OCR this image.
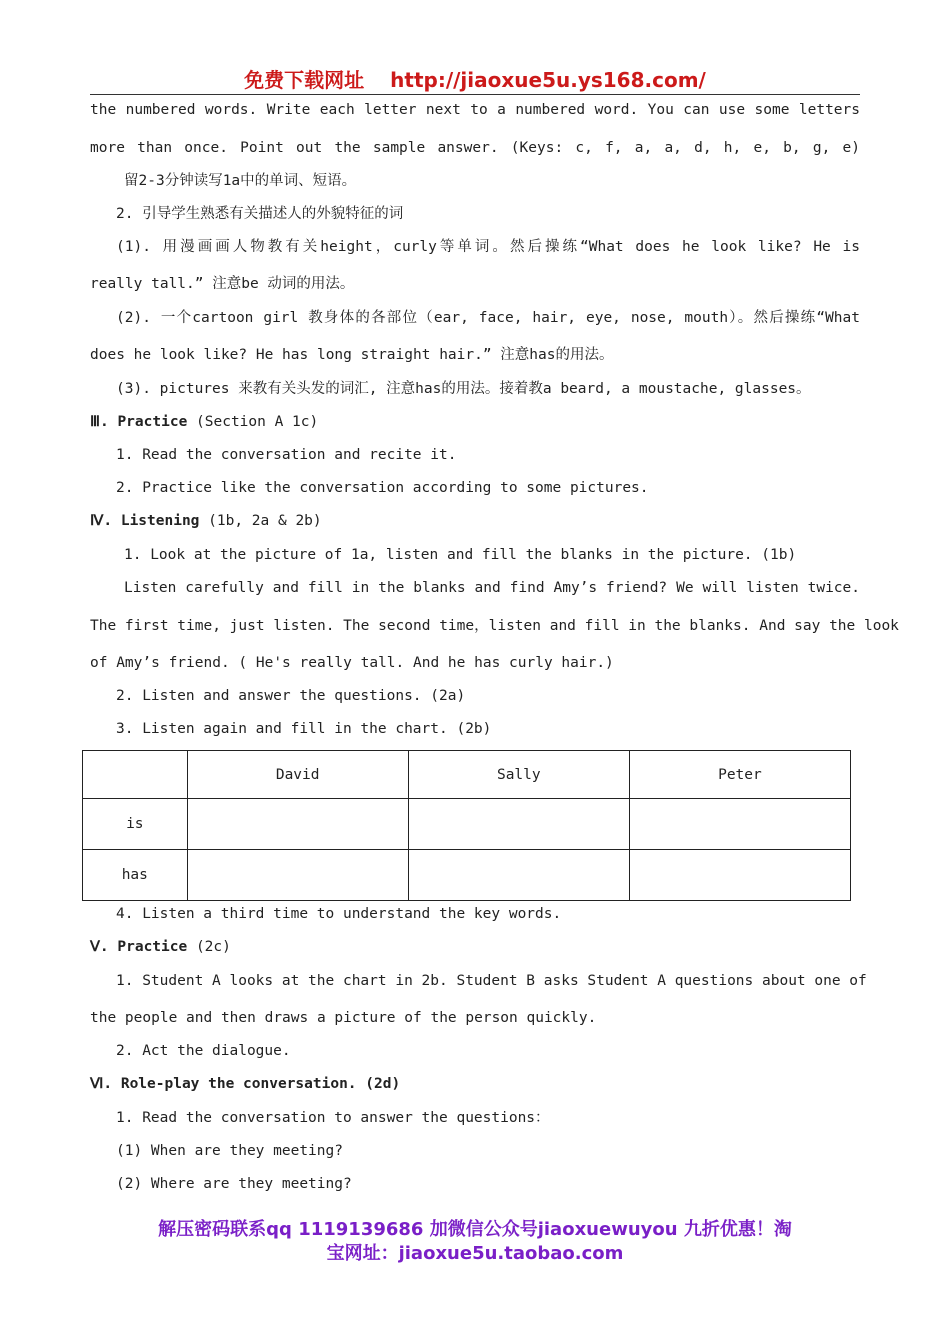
免费下载网址 http://jiaoxue5u.ys168.com/
the numbered words. Write each letter next to a numbered word. You can use some letters
more than once. Point out the sample answer. (Keys: c, f, a, a, d, h, e, b, g, e)
留2-3分钟读写1a中的单词、短语。
2. 引导学生熟悉有关描述人的外貌特征的词
(1). 用漫画画人物教有关height，curly等单词。然后操练“What does he look like? He is
really tall.” 注意be 动词的用法。
(2). 一个cartoon girl 教身体的各部位（ear, face, hair, eye, nose, mouth）。然后操练“What
does he look like? He has long straight hair.” 注意has的用法。
(3). pictures 来教有关头发的词汇, 注意has的用法。接着教a beard, a moustache, glasses。
Ⅲ. Practice (Section A 1c)
1. Read the conversation and recite it.
2. Practice like the conversation according to some pictures.
Ⅳ. Listening (1b, 2a & 2b)
1. Look at the picture of 1a, listen and fill the blanks in the picture. (1b)
Listen carefully and fill in the blanks and find Amy’s friend? We will listen twice.
The first time, just listen. The second time，listen and fill in the blanks. And say the look
of Amy’s friend. ( He's really tall. And he has curly hair.)
2. Listen and answer the questions. (2a)
3. Listen again and fill in the chart. (2b)
	David	Sally	Peter
is			
has			
4. Listen a third time to understand the key words.
Ⅴ. Practice (2c)
1. Student A looks at the chart in 2b. Student B asks Student A questions about one of
the people and then draws a picture of the person quickly.
2. Act the dialogue.
Ⅵ. Role-play the conversation. (2d)
1. Read the conversation to answer the questions：
(1) When are they meeting?
(2) Where are they meeting?
解压密码联系qq 1119139686 加微信公众号jiaoxuewuyou 九折优惠！淘
宝网址：jiaoxue5u.taobao.com
